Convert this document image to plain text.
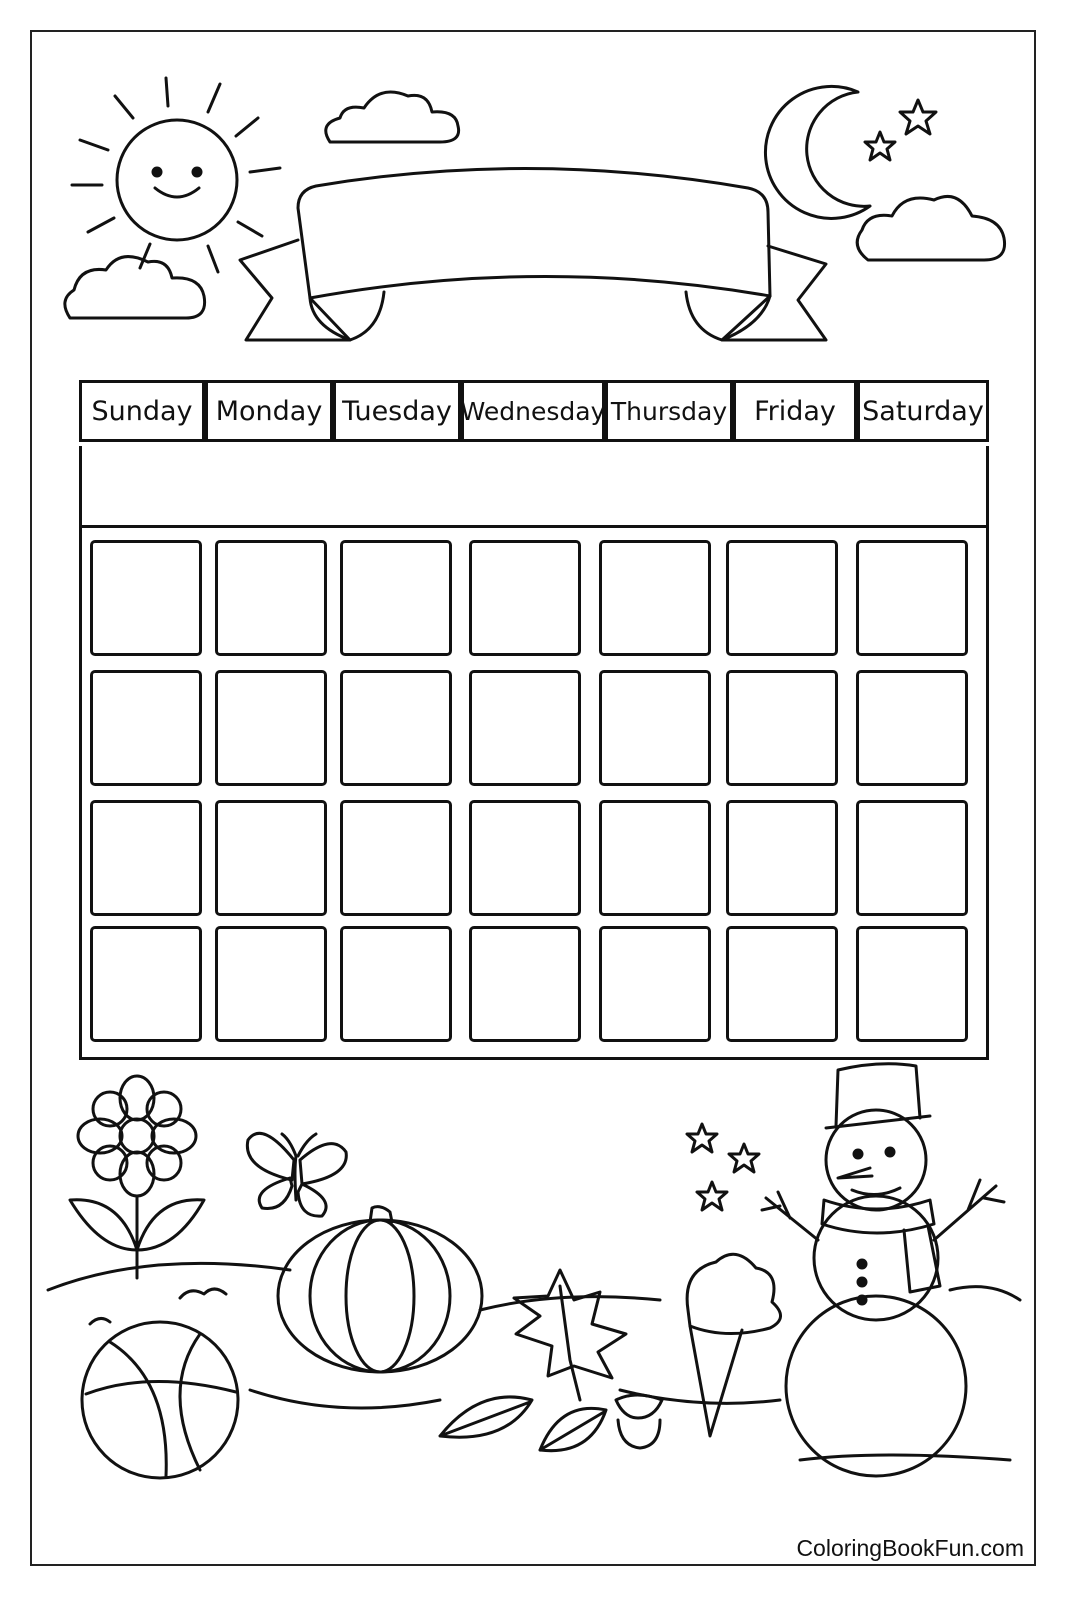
Sunday Monday Tuesday Wednesday Thursday Friday Saturday
ColoringBookFun.com
